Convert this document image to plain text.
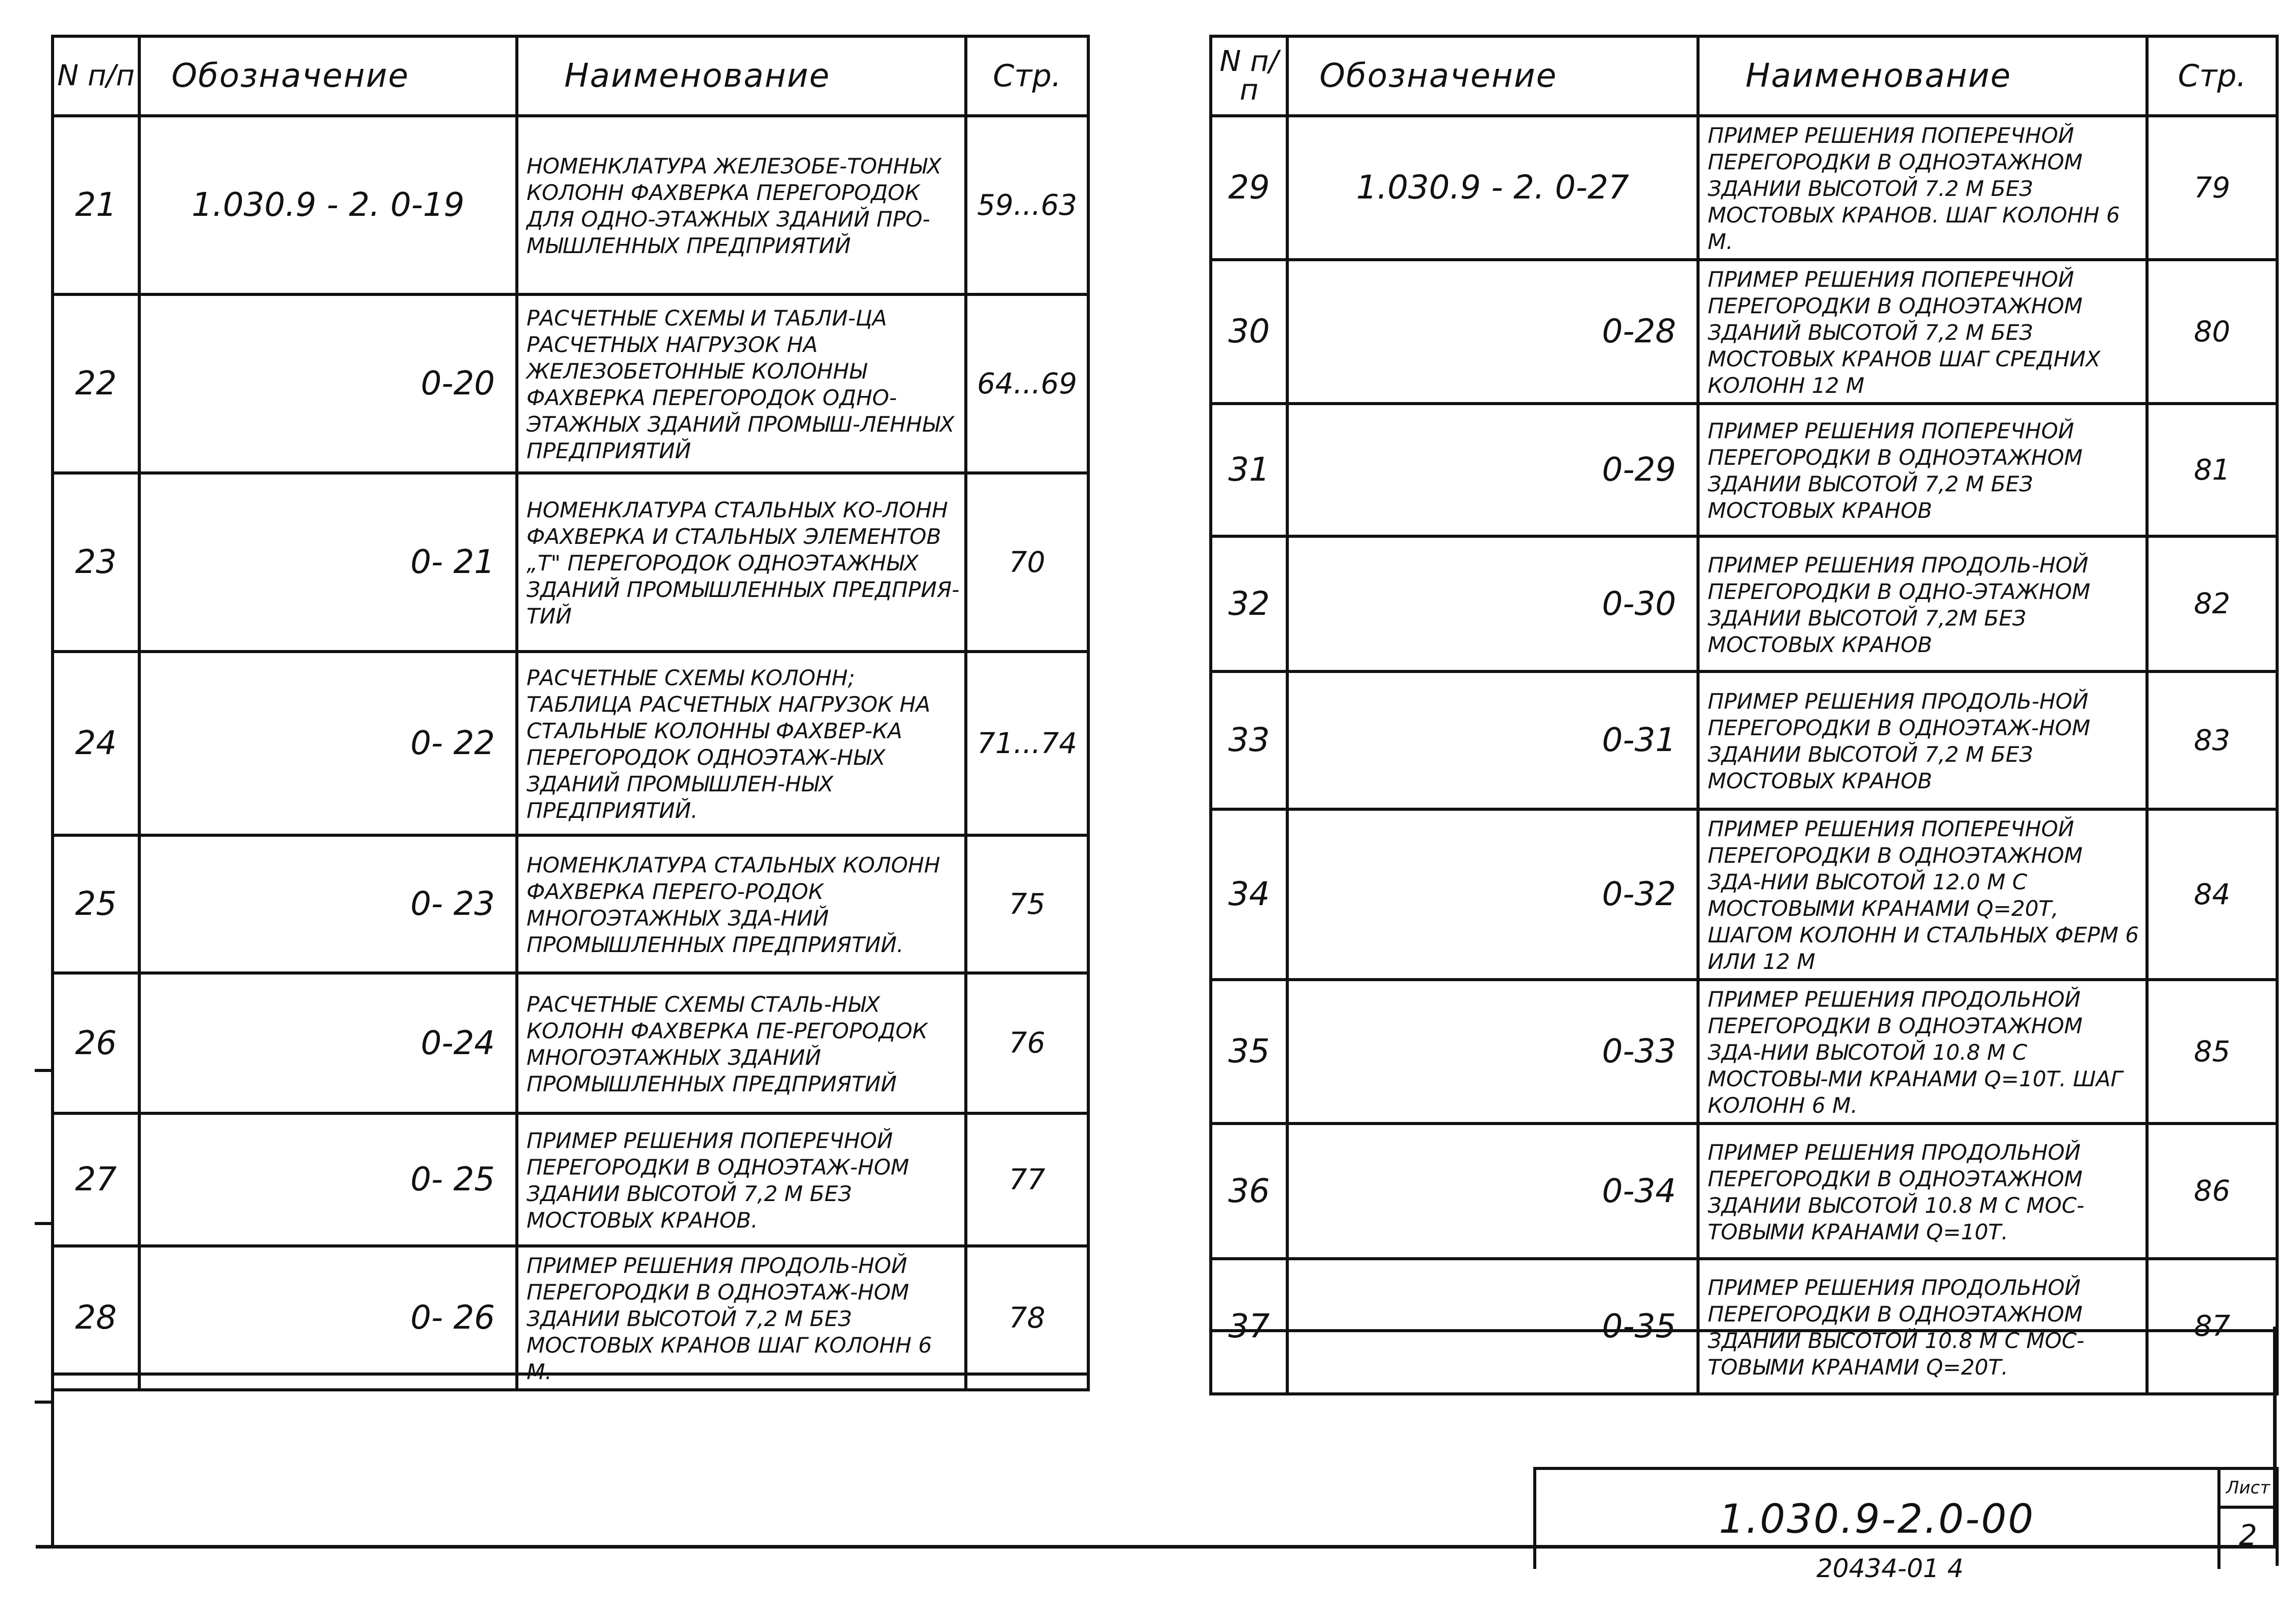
N п/п	Обозначение	Наименование	Стр.
21	1.030.9 - 2. 0-19	НОМЕНКЛАТУРА ЖЕЛЕЗОБЕ-ТОННЫХ КОЛОНН ФАХВЕРКА ПЕРЕГОРОДОК ДЛЯ ОДНО-ЭТАЖНЫХ ЗДАНИЙ ПРО-МЫШЛЕННЫХ ПРЕДПРИЯТИЙ	59...63
22	0-20	РАСЧЕТНЫЕ СХЕМЫ И ТАБЛИ-ЦА РАСЧЕТНЫХ НАГРУЗОК НА ЖЕЛЕЗОБЕТОННЫЕ КОЛОННЫ ФАХВЕРКА ПЕРЕГОРОДОК ОДНО-ЭТАЖНЫХ ЗДАНИЙ ПРОМЫШ-ЛЕННЫХ ПРЕДПРИЯТИЙ	64...69
23	0- 21	НОМЕНКЛАТУРА СТАЛЬНЫХ КО-ЛОНН ФАХВЕРКА И СТАЛЬНЫХ ЭЛЕМЕНТОВ „Т" ПЕРЕГОРОДОК ОДНОЭТАЖНЫХ ЗДАНИЙ ПРОМЫШЛЕННЫХ ПРЕДПРИЯ-ТИЙ	70
24	0- 22	РАСЧЕТНЫЕ СХЕМЫ КОЛОНН; ТАБЛИЦА РАСЧЕТНЫХ НАГРУЗОК НА СТАЛЬНЫЕ КОЛОННЫ ФАХВЕР-КА ПЕРЕГОРОДОК ОДНОЭТАЖ-НЫХ ЗДАНИЙ ПРОМЫШЛЕН-НЫХ ПРЕДПРИЯТИЙ.	71...74
25	0- 23	НОМЕНКЛАТУРА СТАЛЬНЫХ КОЛОНН ФАХВЕРКА ПЕРЕГО-РОДОК МНОГОЭТАЖНЫХ ЗДА-НИЙ ПРОМЫШЛЕННЫХ ПРЕДПРИЯТИЙ.	75
26	0-24	РАСЧЕТНЫЕ СХЕМЫ СТАЛЬ-НЫХ КОЛОНН ФАХВЕРКА ПЕ-РЕГОРОДОК МНОГОЭТАЖНЫХ ЗДАНИЙ ПРОМЫШЛЕННЫХ ПРЕДПРИЯТИЙ	76
27	0- 25	ПРИМЕР РЕШЕНИЯ ПОПЕРЕЧНОЙ ПЕРЕГОРОДКИ В ОДНОЭТАЖ-НОМ ЗДАНИИ ВЫСОТОЙ 7,2 М БЕЗ МОСТОВЫХ КРАНОВ.	77
28	0- 26	ПРИМЕР РЕШЕНИЯ ПРОДОЛЬ-НОЙ ПЕРЕГОРОДКИ В ОДНОЭТАЖ-НОМ ЗДАНИИ ВЫСОТОЙ 7,2 М БЕЗ МОСТОВЫХ КРАНОВ ШАГ КОЛОНН 6 М.	78
N п/п	Обозначение	Наименование	Стр.
29	1.030.9 - 2. 0-27	ПРИМЕР РЕШЕНИЯ ПОПЕРЕЧНОЙ ПЕРЕГОРОДКИ В ОДНОЭТАЖНОМ ЗДАНИИ ВЫСОТОЙ 7.2 М БЕЗ МОСТОВЫХ КРАНОВ. ШАГ КОЛОНН 6 М.	79
30	0-28	ПРИМЕР РЕШЕНИЯ ПОПЕРЕЧНОЙ ПЕРЕГОРОДКИ В ОДНОЭТАЖНОМ ЗДАНИЙ ВЫСОТОЙ 7,2 М БЕЗ МОСТОВЫХ КРАНОВ ШАГ СРЕДНИХ КОЛОНН 12 М	80
31	0-29	ПРИМЕР РЕШЕНИЯ ПОПЕРЕЧНОЙ ПЕРЕГОРОДКИ В ОДНОЭТАЖНОМ ЗДАНИИ ВЫСОТОЙ 7,2 М БЕЗ МОСТОВЫХ КРАНОВ	81
32	0-30	ПРИМЕР РЕШЕНИЯ ПРОДОЛЬ-НОЙ ПЕРЕГОРОДКИ В ОДНО-ЭТАЖНОМ ЗДАНИИ ВЫСОТОЙ 7,2М БЕЗ МОСТОВЫХ КРАНОВ	82
33	0-31	ПРИМЕР РЕШЕНИЯ ПРОДОЛЬ-НОЙ ПЕРЕГОРОДКИ В ОДНОЭТАЖ-НОМ ЗДАНИИ ВЫСОТОЙ 7,2 М БЕЗ МОСТОВЫХ КРАНОВ	83
34	0-32	ПРИМЕР РЕШЕНИЯ ПОПЕРЕЧНОЙ ПЕРЕГОРОДКИ В ОДНОЭТАЖНОМ ЗДА-НИИ ВЫСОТОЙ 12.0 М С МОСТОВЫМИ КРАНАМИ Q=20Т, ШАГОМ КОЛОНН И СТАЛЬНЫХ ФЕРМ 6 ИЛИ 12 М	84
35	0-33	ПРИМЕР РЕШЕНИЯ ПРОДОЛЬНОЙ ПЕРЕГОРОДКИ В ОДНОЭТАЖНОМ ЗДА-НИИ ВЫСОТОЙ 10.8 М С МОСТОВЫ-МИ КРАНАМИ Q=10Т. ШАГ КОЛОНН 6 М.	85
36	0-34	ПРИМЕР РЕШЕНИЯ ПРОДОЛЬНОЙ ПЕРЕГОРОДКИ В ОДНОЭТАЖНОМ ЗДАНИИ ВЫСОТОЙ 10.8 М С МОС-ТОВЫМИ КРАНАМИ Q=10Т.	86
37	0-35	ПРИМЕР РЕШЕНИЯ ПРОДОЛЬНОЙ ПЕРЕГОРОДКИ В ОДНОЭТАЖНОМ ЗДАНИИ ВЫСОТОЙ 10.8 М С МОС-ТОВЫМИ КРАНАМИ Q=20Т.	87
1.030.9-2.0-00
Лист
2
20434-01 4
